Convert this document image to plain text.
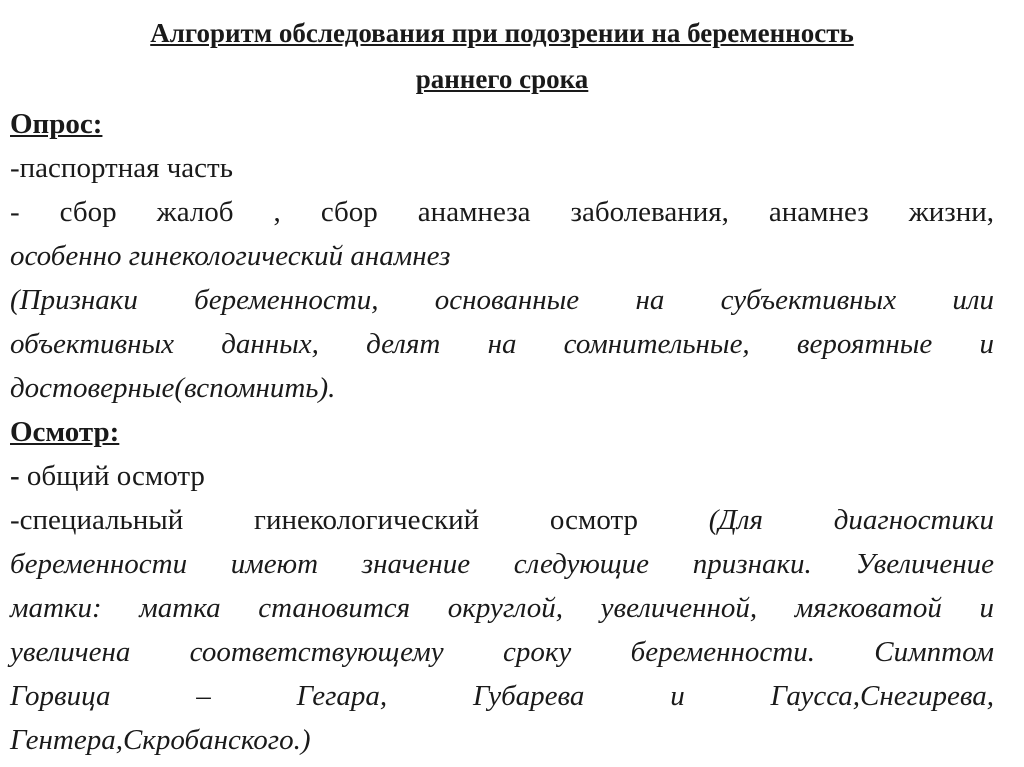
Алгоритм обследования при подозрении на беременность

раннего срока

Опрос:

-паспортная часть

- сбор жалоб , сбор анамнеза заболевания, анамнез жизни,

особенно гинекологический анамнез

(Признаки беременности, основанные на субъективных или

объективных данных, делят на сомнительные, вероятные и

достоверные(вспомнить).

Осмотр:

- общий осмотр

-специальный гинекологический осмотр (Для диагностики

беременности имеют значение следующие признаки. Увеличение

матки: матка становится округлой, увеличенной, мягковатой и

увеличена соответствующему сроку беременности. Симптом

Горвица – Гегара, Губарева и Гаусса,Снегирева,

Гентера,Скробанского.)
